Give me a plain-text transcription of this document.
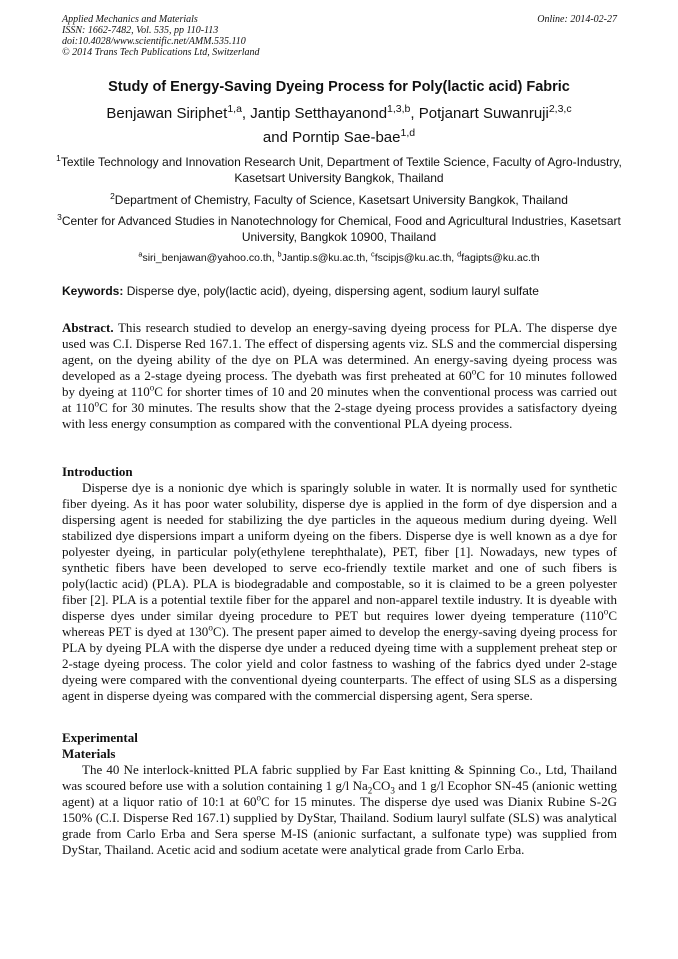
Applied Mechanics and Materials
ISSN: 1662-7482, Vol. 535, pp 110-113
doi:10.4028/www.scientific.net/AMM.535.110
© 2014 Trans Tech Publications Ltd, Switzerland
Online: 2014-02-27
Study of Energy-Saving Dyeing Process for Poly(lactic acid) Fabric
Benjawan Siriphet$^{1,a}$, Jantip Setthayanond$^{1,3,b}$, Potjanart Suwanruji$^{2,3,c}$
and Porntip Sae-bae$^{1,d}$
$^1$Textile Technology and Innovation Research Unit, Department of Textile Science, Faculty of Agro-Industry, Kasetsart University Bangkok, Thailand
$^2$Department of Chemistry, Faculty of Science, Kasetsart University Bangkok, Thailand
$^3$Center for Advanced Studies in Nanotechnology for Chemical, Food and Agricultural Industries, Kasetsart University, Bangkok 10900, Thailand
$^a$siri_benjawan@yahoo.co.th, $^b$Jantip.s@ku.ac.th, $^c$fscipjs@ku.ac.th, $^d$fagipts@ku.ac.th
Keywords: Disperse dye, poly(lactic acid), dyeing, dispersing agent, sodium lauryl sulfate
Abstract. This research studied to develop an energy-saving dyeing process for PLA. The disperse dye used was C.I. Disperse Red 167.1. The effect of dispersing agents viz. SLS and the commercial dispersing agent, on the dyeing ability of the dye on PLA was determined. An energy-saving dyeing process was developed as a 2-stage dyeing process. The dyebath was first preheated at 60$^o$C for 10 minutes followed by dyeing at 110$^o$C for shorter times of 10 and 20 minutes when the conventional process was carried out at 110$^o$C for 30 minutes. The results show that the 2-stage dyeing process provides a satisfactory dyeing with less energy consumption as compared with the conventional PLA dyeing process.
Introduction
Disperse dye is a nonionic dye which is sparingly soluble in water. It is normally used for synthetic fiber dyeing. As it has poor water solubility, disperse dye is applied in the form of dye dispersion and a dispersing agent is needed for stabilizing the dye particles in the aqueous medium during dyeing. Well stabilized dye dispersions impart a uniform dyeing on the fibers. Disperse dye is well known as a dye for polyester dyeing, in particular poly(ethylene terephthalate), PET, fiber [1]. Nowadays, new types of synthetic fibers have been developed to serve eco-friendly textile market and one of such fibers is poly(lactic acid) (PLA). PLA is biodegradable and compostable, so it is claimed to be a green polyester fiber [2]. PLA is a potential textile fiber for the apparel and non-apparel textile industry. It is dyeable with disperse dyes under similar dyeing procedure to PET but requires lower dyeing temperature (110$^o$C whereas PET is dyed at 130$^o$C). The present paper aimed to develop the energy-saving dyeing process for PLA by dyeing PLA with the disperse dye under a reduced dyeing time with a supplement preheat step or 2-stage dyeing process. The color yield and color fastness to washing of the fabrics dyed under 2-stage dyeing were compared with the conventional dyeing counterparts. The effect of using SLS as a dispersing agent in disperse dyeing was compared with the commercial dispersing agent, Sera sperse.
Experimental
Materials
The 40 Ne interlock-knitted PLA fabric supplied by Far East knitting & Spinning Co., Ltd, Thailand was scoured before use with a solution containing 1 g/l $Na_2CO_3$ and 1 g/l Ecophor SN-45 (anionic wetting agent) at a liquor ratio of 10:1 at 60$^o$C for 15 minutes. The disperse dye used was Dianix Rubine S-2G 150% (C.I. Disperse Red 167.1) supplied by DyStar, Thailand. Sodium lauryl sulfate (SLS) was analytical grade from Carlo Erba and Sera sperse M-IS (anionic surfactant, a sulfonate type) was supplied from DyStar, Thailand. Acetic acid and sodium acetate were analytical grade from Carlo Erba.
